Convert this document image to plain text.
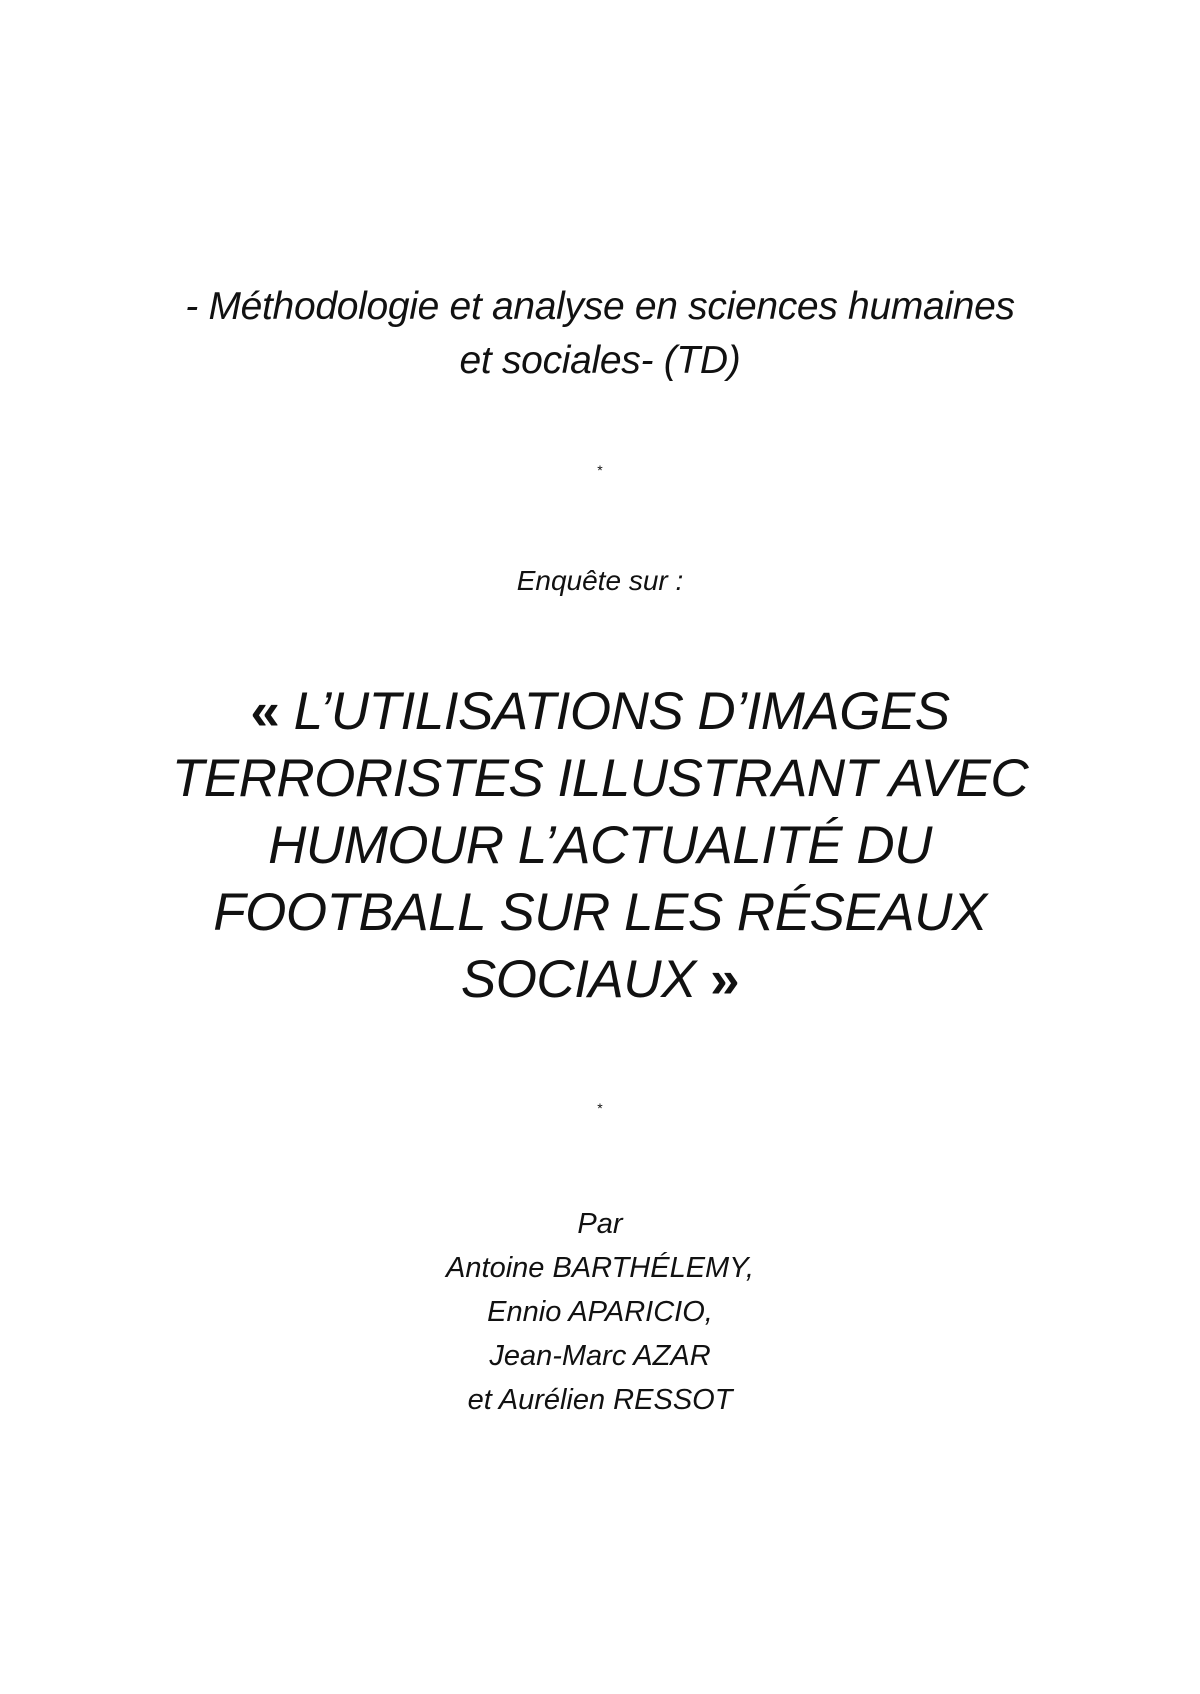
- Méthodologie et analyse en sciences humaines
et sociales- (TD)
*
Enquête sur :
« L’UTILISATIONS D’IMAGES
TERRORISTES ILLUSTRANT AVEC
HUMOUR L’ACTUALITÉ DU
FOOTBALL SUR LES RÉSEAUX
SOCIAUX »
*
Par
Antoine BARTHÉLEMY,
Ennio APARICIO,
Jean-Marc AZAR
et Aurélien RESSOT
